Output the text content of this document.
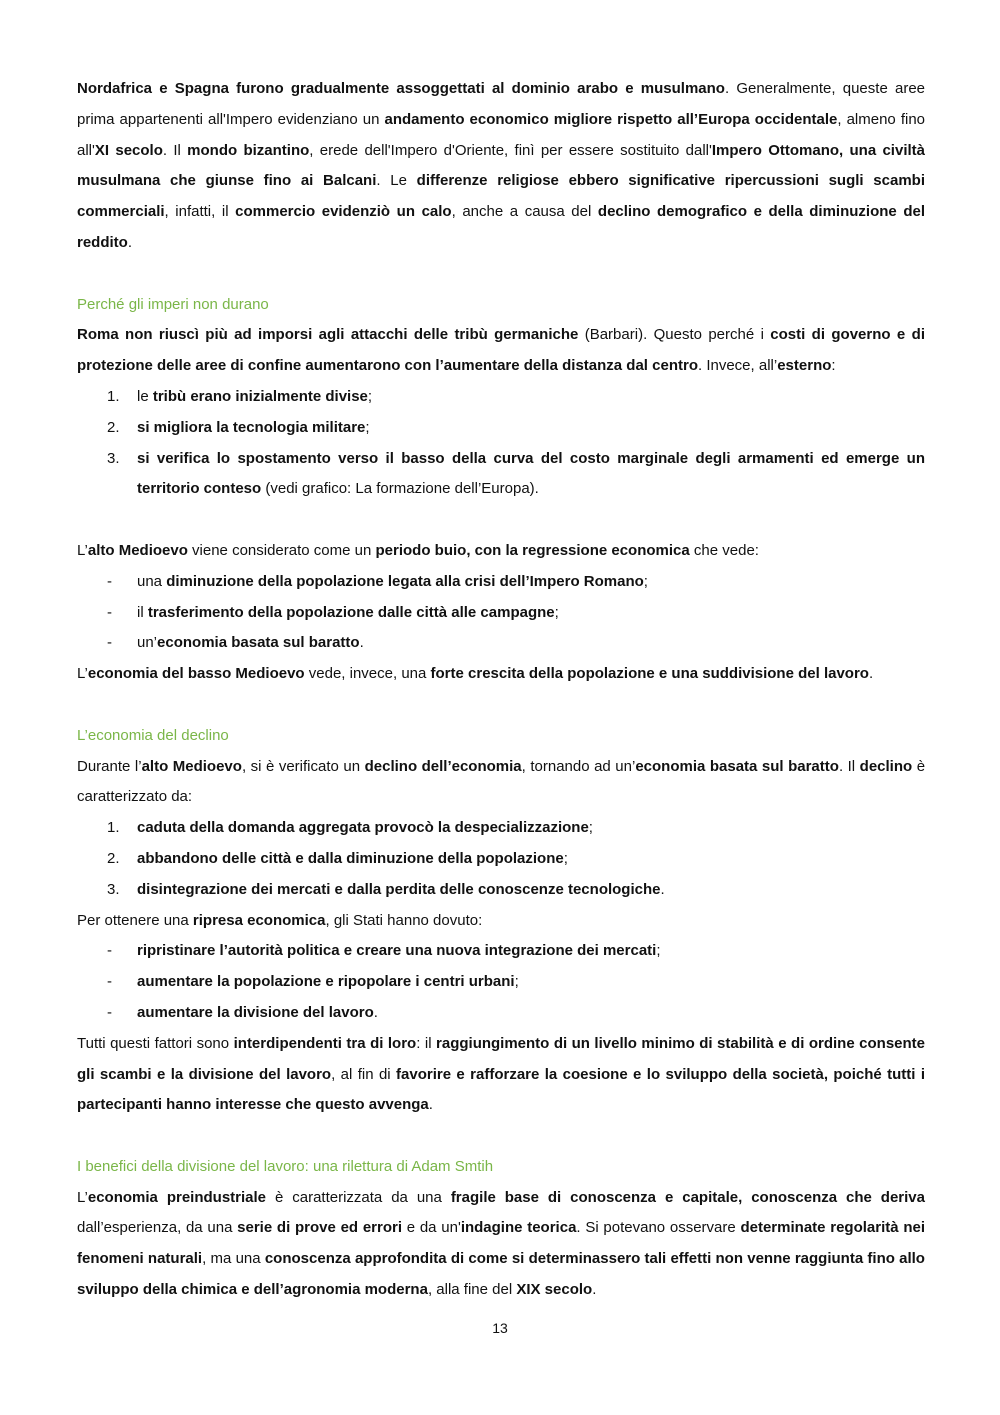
Nordafrica e Spagna furono gradualmente assoggettati al dominio arabo e musulmano. Generalmente, queste aree prima appartenenti all'Impero evidenziano un andamento economico migliore rispetto all’Europa occidentale, almeno fino all'XI secolo. Il mondo bizantino, erede dell'Impero d'Oriente, finì per essere sostituito dall'Impero Ottomano, una civiltà musulmana che giunse fino ai Balcani. Le differenze religiose ebbero significative ripercussioni sugli scambi commerciali, infatti, il commercio evidenziò un calo, anche a causa del declino demografico e della diminuzione del reddito.

Perché gli imperi non durano

Roma non riuscì più ad imporsi agli attacchi delle tribù germaniche (Barbari). Questo perché i costi di governo e di protezione delle aree di confine aumentarono con l’aumentare della distanza dal centro. Invece, all’esterno:

1. le tribù erano inizialmente divise;
2. si migliora la tecnologia militare;
3. si verifica lo spostamento verso il basso della curva del costo marginale degli armamenti ed emerge un territorio conteso (vedi grafico: La formazione dell’Europa).

L’alto Medioevo viene considerato come un periodo buio, con la regressione economica che vede:

- una diminuzione della popolazione legata alla crisi dell’Impero Romano;
- il trasferimento della popolazione dalle città alle campagne;
- un’economia basata sul baratto.

L’economia del basso Medioevo vede, invece, una forte crescita della popolazione e una suddivisione del lavoro.

L’economia del declino

Durante l’alto Medioevo, si è verificato un declino dell’economia, tornando ad un’economia basata sul baratto. Il declino è caratterizzato da:

1. caduta della domanda aggregata provocò la despecializzazione;
2. abbandono delle città e dalla diminuzione della popolazione;
3. disintegrazione dei mercati e dalla perdita delle conoscenze tecnologiche.

Per ottenere una ripresa economica, gli Stati hanno dovuto:

- ripristinare l’autorità politica e creare una nuova integrazione dei mercati;
- aumentare la popolazione e ripopolare i centri urbani;
- aumentare la divisione del lavoro.

Tutti questi fattori sono interdipendenti tra di loro: il raggiungimento di un livello minimo di stabilità e di ordine consente gli scambi e la divisione del lavoro, al fin di favorire e rafforzare la coesione e lo sviluppo della società, poiché tutti i partecipanti hanno interesse che questo avvenga.

I benefici della divisione del lavoro: una rilettura di Adam Smtih

L’economia preindustriale è caratterizzata da una fragile base di conoscenza e capitale, conoscenza che deriva dall’esperienza, da una serie di prove ed errori e da un'indagine teorica. Si potevano osservare determinate regolarità nei fenomeni naturali, ma una conoscenza approfondita di come si determinassero tali effetti non venne raggiunta fino allo sviluppo della chimica e dell’agronomia moderna, alla fine del XIX secolo.

13
